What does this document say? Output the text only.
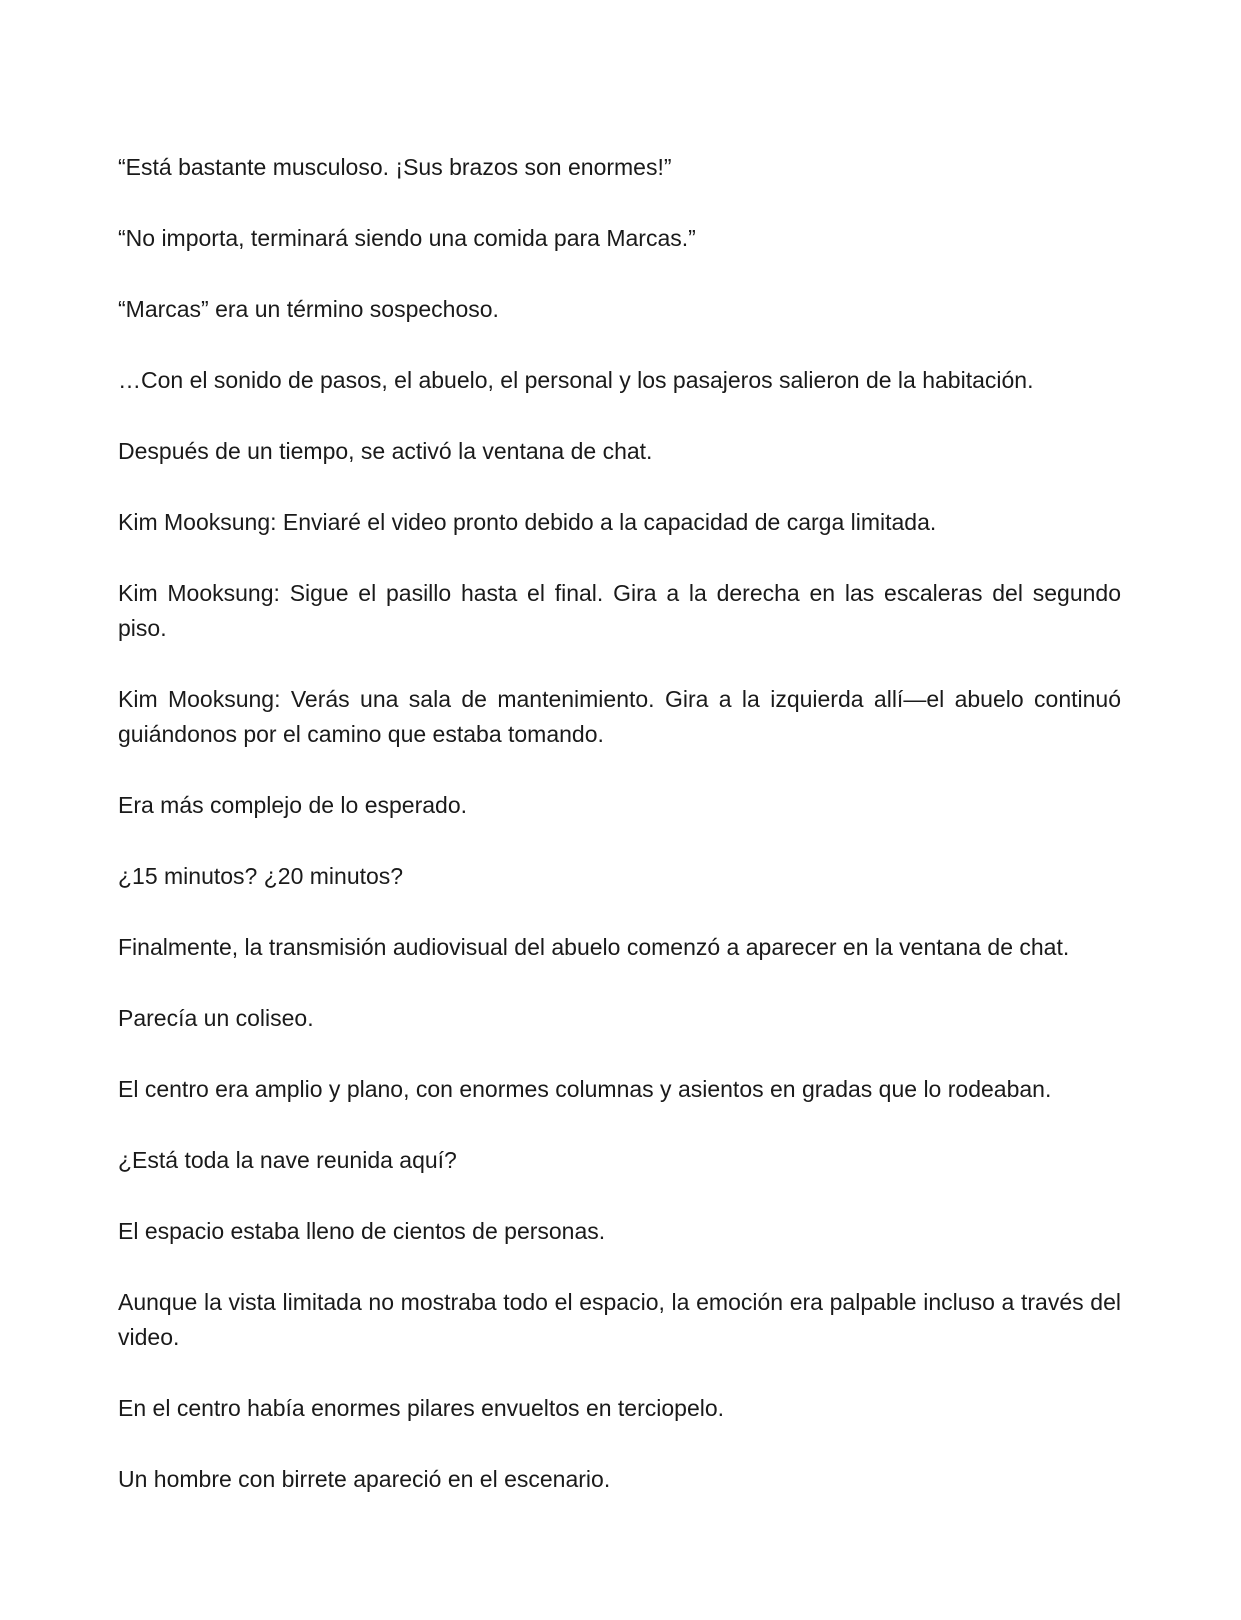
“Está bastante musculoso. ¡Sus brazos son enormes!”

“No importa, terminará siendo una comida para Marcas.”

“Marcas” era un término sospechoso.

…Con el sonido de pasos, el abuelo, el personal y los pasajeros salieron de la habitación.

Después de un tiempo, se activó la ventana de chat.

Kim Mooksung: Enviaré el video pronto debido a la capacidad de carga limitada.

Kim Mooksung: Sigue el pasillo hasta el final. Gira a la derecha en las escaleras del segundo piso.

Kim Mooksung: Verás una sala de mantenimiento. Gira a la izquierda allí—el abuelo continuó guiándonos por el camino que estaba tomando.

Era más complejo de lo esperado.

¿15 minutos? ¿20 minutos?

Finalmente, la transmisión audiovisual del abuelo comenzó a aparecer en la ventana de chat.

Parecía un coliseo.

El centro era amplio y plano, con enormes columnas y asientos en gradas que lo rodeaban.

¿Está toda la nave reunida aquí?

El espacio estaba lleno de cientos de personas.

Aunque la vista limitada no mostraba todo el espacio, la emoción era palpable incluso a través del video.

En el centro había enormes pilares envueltos en terciopelo.

Un hombre con birrete apareció en el escenario.
